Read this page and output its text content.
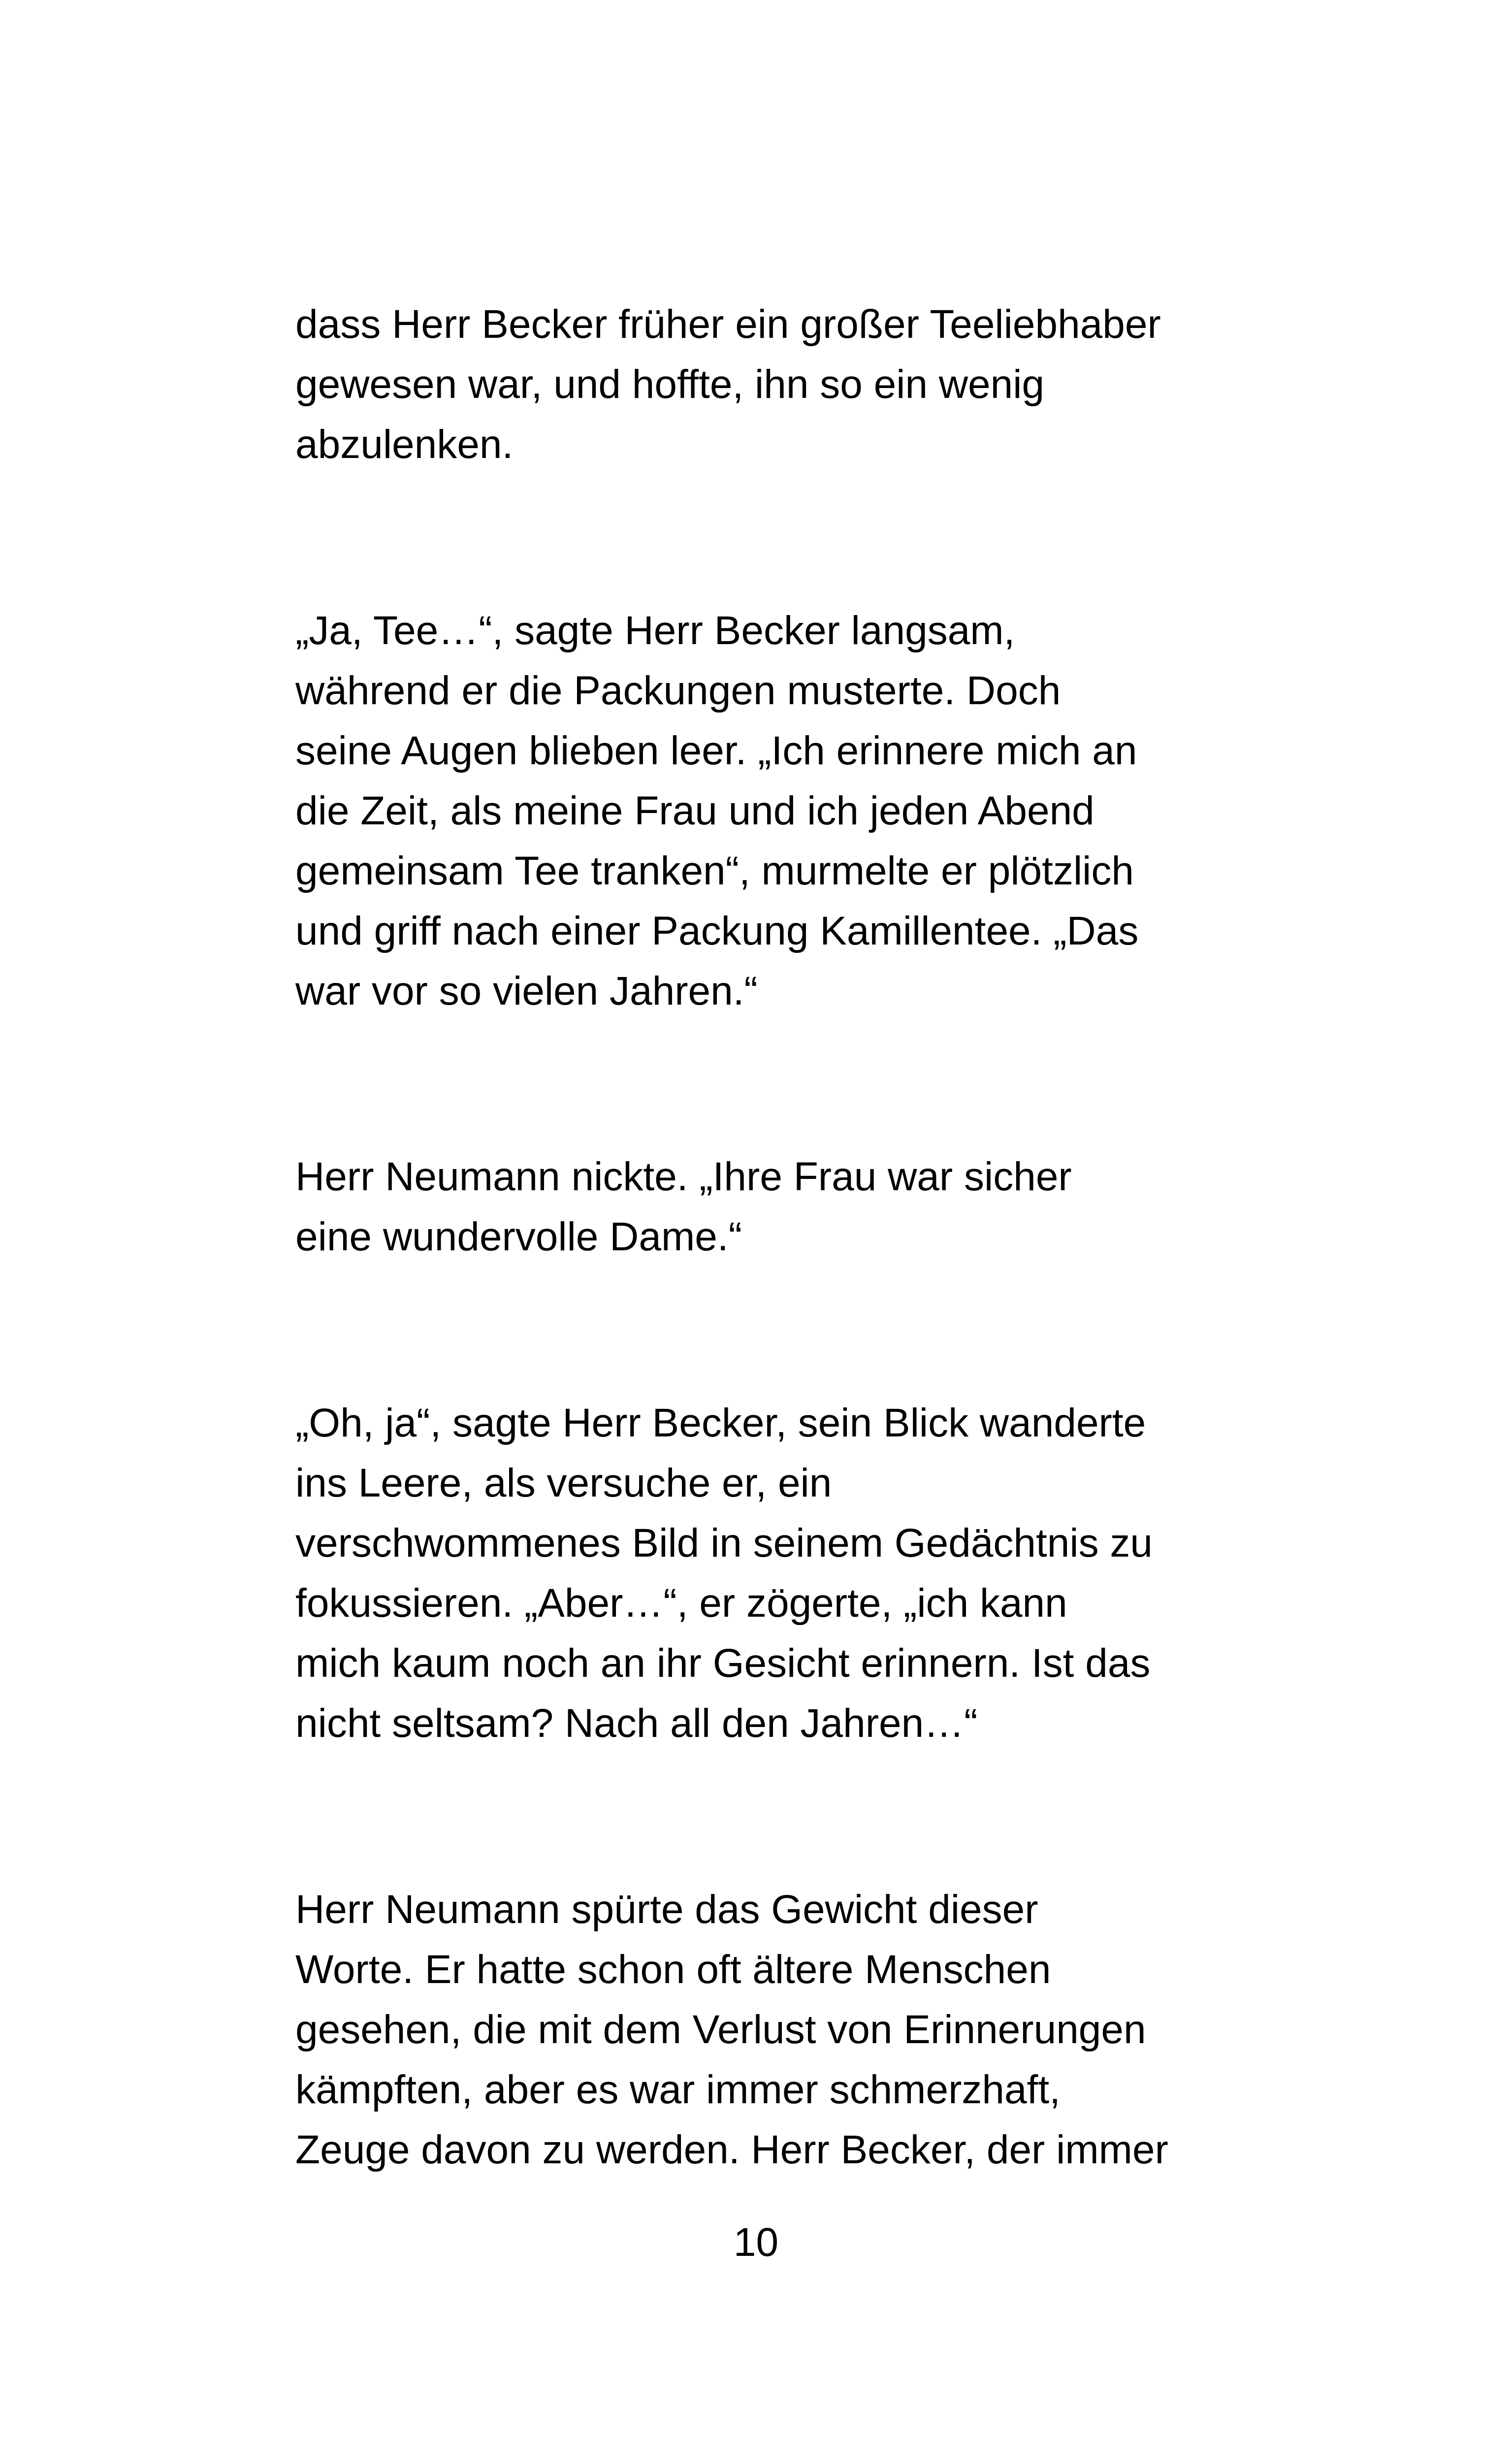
dass Herr Becker früher ein großer Teeliebhaber
gewesen war, und hoffte, ihn so ein wenig
abzulenken.

„Ja, Tee…“, sagte Herr Becker langsam,
während er die Packungen musterte. Doch
seine Augen blieben leer. „Ich erinnere mich an
die Zeit, als meine Frau und ich jeden Abend
gemeinsam Tee tranken“, murmelte er plötzlich
und griff nach einer Packung Kamillentee. „Das
war vor so vielen Jahren.“

Herr Neumann nickte. „Ihre Frau war sicher
eine wundervolle Dame.“

„Oh, ja“, sagte Herr Becker, sein Blick wanderte
ins Leere, als versuche er, ein
verschwommenes Bild in seinem Gedächtnis zu
fokussieren. „Aber…“, er zögerte, „ich kann
mich kaum noch an ihr Gesicht erinnern. Ist das
nicht seltsam? Nach all den Jahren…“

Herr Neumann spürte das Gewicht dieser
Worte. Er hatte schon oft ältere Menschen
gesehen, die mit dem Verlust von Erinnerungen
kämpften, aber es war immer schmerzhaft,
Zeuge davon zu werden. Herr Becker, der immer

10
